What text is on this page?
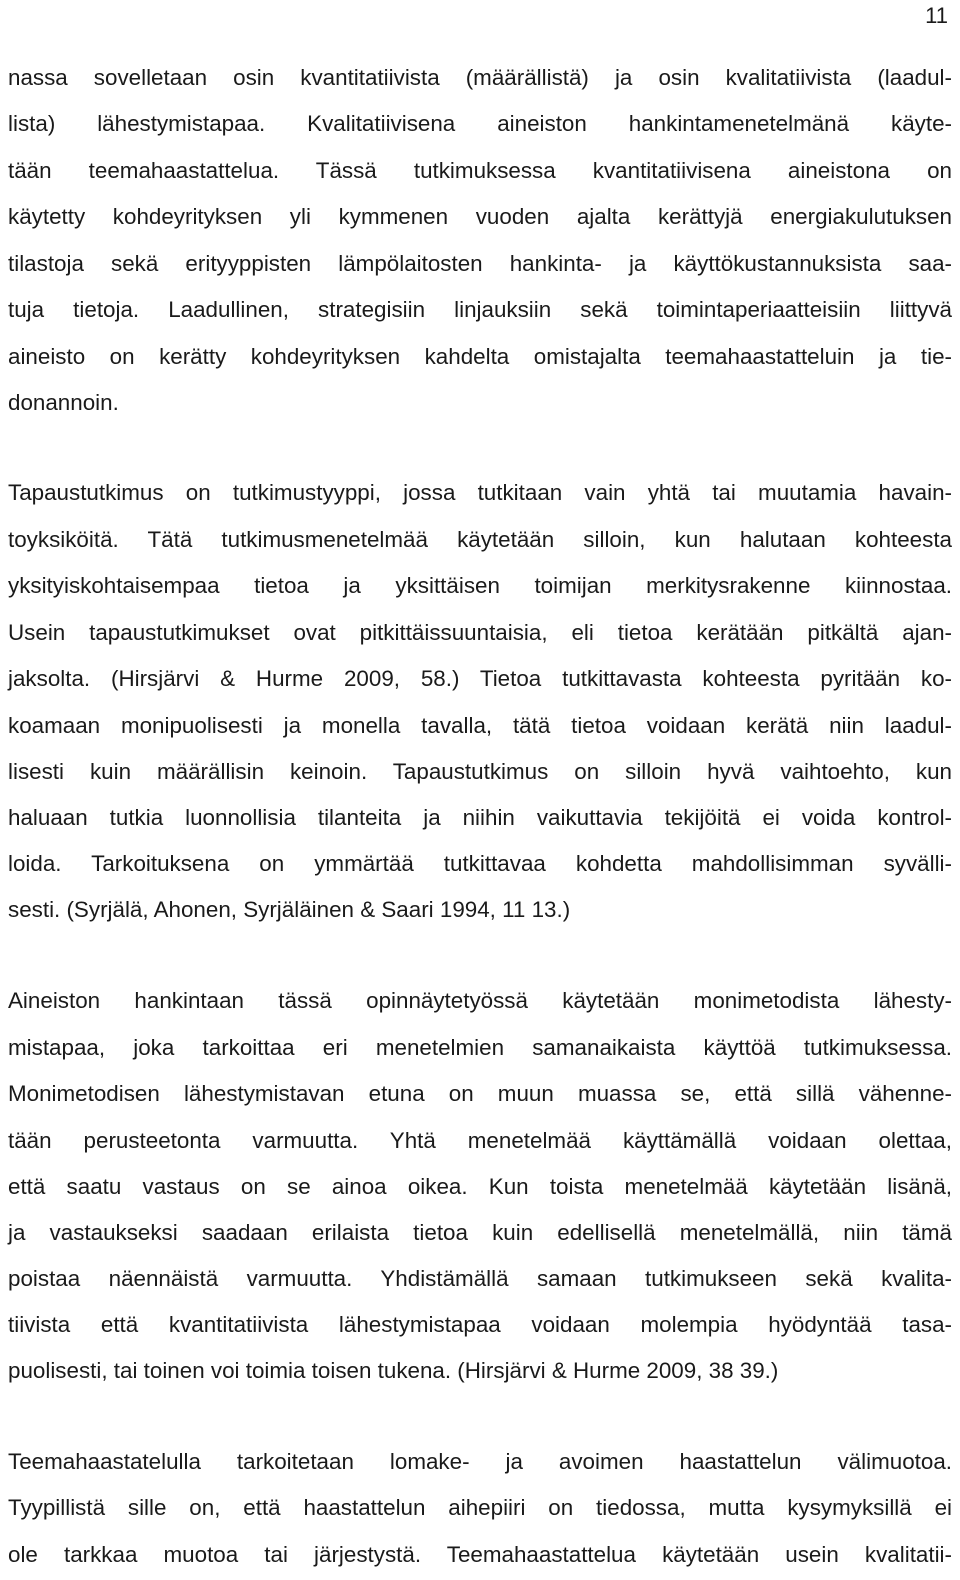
11

nassa sovelletaan osin kvantitatiivista (määrällistä) ja osin kvalitatiivista (laadul-

lista) lähestymistapaa. Kvalitatiivisena aineiston hankintamenetelmänä käyte-

tään teemahaastattelua. Tässä tutkimuksessa kvantitatiivisena aineistona on

käytetty kohdeyrityksen yli kymmenen vuoden ajalta kerättyjä energiakulutuksen

tilastoja sekä erityyppisten lämpölaitosten hankinta- ja käyttökustannuksista saa-

tuja tietoja. Laadullinen, strategisiin linjauksiin sekä toimintaperiaatteisiin liittyvä

aineisto on kerätty kohdeyrityksen kahdelta omistajalta teemahaastatteluin ja tie-

donannoin.

Tapaustutkimus on tutkimustyyppi, jossa tutkitaan vain yhtä tai muutamia havain-

toyksiköitä. Tätä tutkimusmenetelmää käytetään silloin, kun halutaan kohteesta

yksityiskohtaisempaa tietoa ja yksittäisen toimijan merkitysrakenne kiinnostaa.

Usein tapaustutkimukset ovat pitkittäissuuntaisia, eli tietoa kerätään pitkältä ajan-

jaksolta. (Hirsjärvi & Hurme 2009, 58.) Tietoa tutkittavasta kohteesta pyritään ko-

koamaan monipuolisesti ja monella tavalla, tätä tietoa voidaan kerätä niin laadul-

lisesti kuin määrällisin keinoin. Tapaustutkimus on silloin hyvä vaihtoehto, kun

haluaan tutkia luonnollisia tilanteita ja niihin vaikuttavia tekijöitä ei voida kontrol-

loida. Tarkoituksena on ymmärtää tutkittavaa kohdetta mahdollisimman syvälli-

sesti. (Syrjälä, Ahonen, Syrjäläinen & Saari 1994, 11 13.)

Aineiston hankintaan tässä opinnäytetyössä käytetään monimetodista lähesty-

mistapaa, joka tarkoittaa eri menetelmien samanaikaista käyttöä tutkimuksessa.

Monimetodisen lähestymistavan etuna on muun muassa se, että sillä vähenne-

tään perusteetonta varmuutta. Yhtä menetelmää käyttämällä voidaan olettaa,

että saatu vastaus on se ainoa oikea. Kun toista menetelmää käytetään lisänä,

ja vastaukseksi saadaan erilaista tietoa kuin edellisellä menetelmällä, niin tämä

poistaa näennäistä varmuutta. Yhdistämällä samaan tutkimukseen sekä kvalita-

tiivista että kvantitatiivista lähestymistapaa voidaan molempia hyödyntää tasa-

puolisesti, tai toinen voi toimia toisen tukena. (Hirsjärvi & Hurme 2009, 38 39.)

Teemahaastatelulla tarkoitetaan lomake- ja avoimen haastattelun välimuotoa.

Tyypillistä sille on, että haastattelun aihepiiri on tiedossa, mutta kysymyksillä ei

ole tarkkaa muotoa tai järjestystä. Teemahaastattelua käytetään usein kvalitatii-
